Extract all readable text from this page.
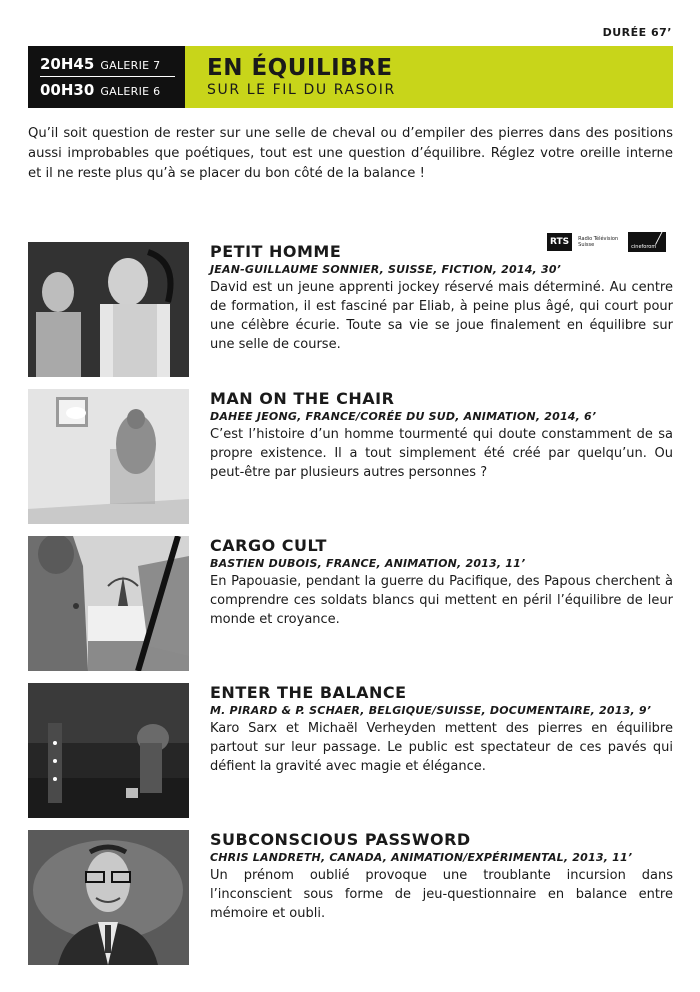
DURÉE 67’
20H45 GALERIE 7
00H30 GALERIE 6
EN ÉQUILIBRE
SUR LE FIL DU RASOIR

Qu’il soit question de rester sur une selle de cheval ou d’empiler des pierres dans des positions aussi improbables que poétiques, tout est une question d’équilibre. Réglez votre oreille interne et il ne reste plus qu’à se placer du bon côté de la balance !

RTS	Radio Télévision Suisse	╱
cineforom
PETIT HOMME
JEAN-GUILLAUME SONNIER, SUISSE, FICTION, 2014, 30’

David est un jeune apprenti jockey réservé mais déterminé. Au centre de formation, il est fasciné par Eliab, à peine plus âgé, qui court pour une célèbre écurie. Toute sa vie se joue finalement en équilibre sur une selle de course.

MAN ON THE CHAIR
DAHEE JEONG, FRANCE/CORÉE DU SUD, ANIMATION, 2014, 6’

C’est l’histoire d’un homme tourmenté qui doute constamment de sa propre existence. Il a tout simplement été créé par quelqu’un. Ou peut-être par plusieurs autres personnes ?

CARGO CULT
BASTIEN DUBOIS, FRANCE, ANIMATION, 2013, 11’

En Papouasie, pendant la guerre du Pacifique, des Papous cherchent à comprendre ces soldats blancs qui mettent en péril l’équilibre de leur monde et croyance.

ENTER THE BALANCE
M. PIRARD & P. SCHAER, BELGIQUE/SUISSE, DOCUMENTAIRE, 2013, 9’

Karo Sarx et Michaël Verheyden mettent des pierres en équilibre partout sur leur passage. Le public est spectateur de ces pavés qui défient la gravité avec magie et élégance.

SUBCONSCIOUS PASSWORD
CHRIS LANDRETH, CANADA, ANIMATION/EXPÉRIMENTAL, 2013, 11’

Un prénom oublié provoque une troublante incursion dans l’inconscient sous forme de jeu-questionnaire en balance entre mémoire et oubli.
